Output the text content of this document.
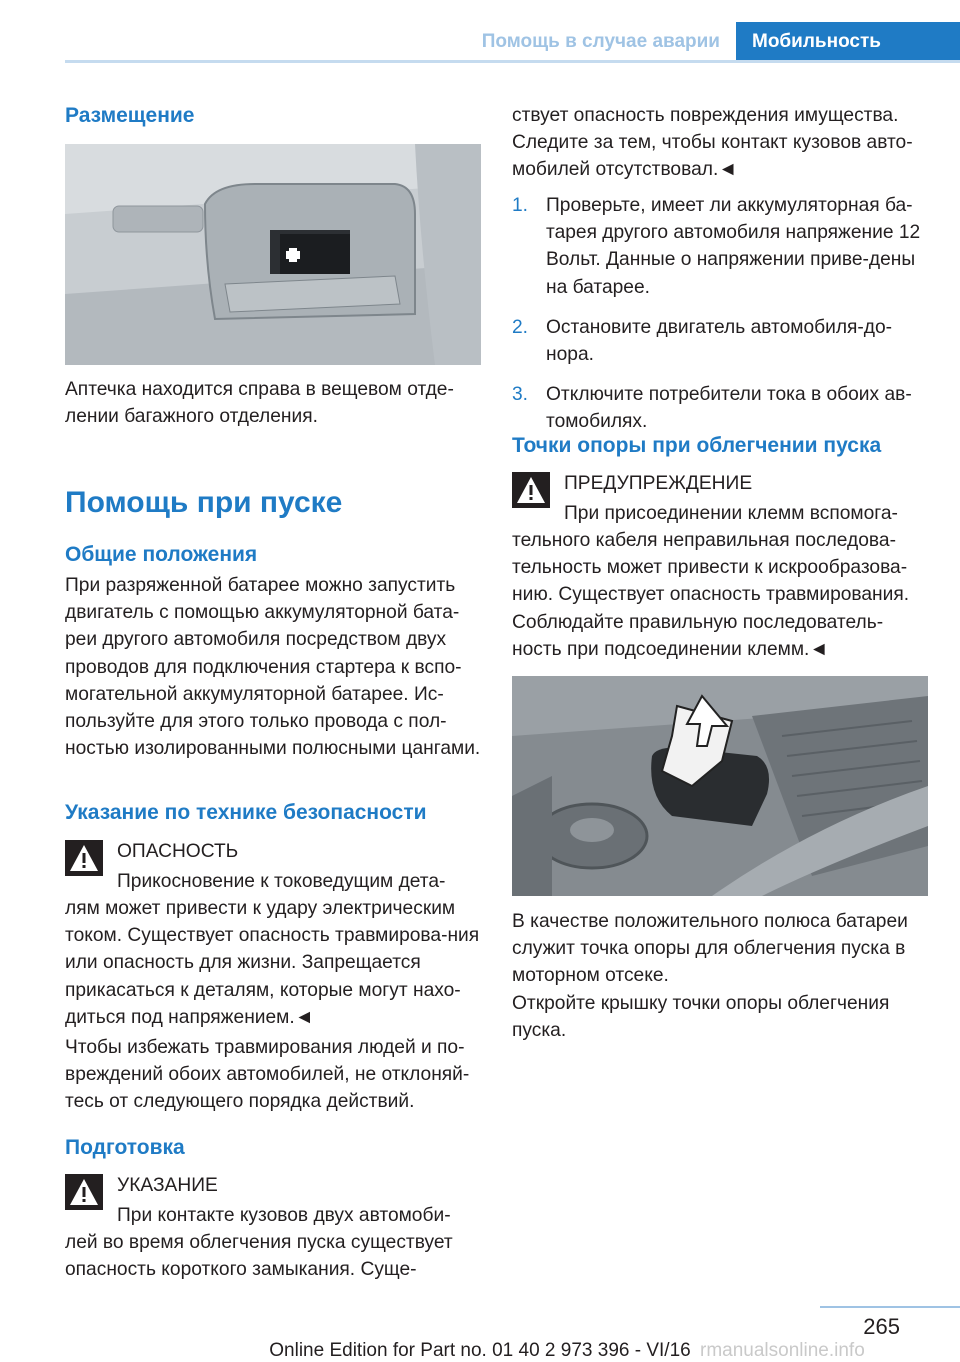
Помощь в случае аварии	Мобильность
Размещение

Аптечка находится справа в вещевом отде-лении багажного отделения.

Помощь при пуске
Общие положения

При разряженной батарее можно запустить двигатель с помощью аккумуляторной бата-реи другого автомобиля посредством двух проводов для подключения стартера к вспо-могательной аккумуляторной батарее. Ис-пользуйте для этого только провода с пол-ностью изолированными полюсными цангами.

Указание по технике безопасности
ОПАСНОСТЬ
Прикосновение к токоведущим дета-

лям может привести к удару электрическим током. Существует опасность травмирова-ния или опасность для жизни. Запрещается прикасаться к деталям, которые могут нахо-диться под напряжением.◄

Чтобы избежать травмирования людей и по-вреждений обоих автомобилей, не отклоняй-тесь от следующего порядка действий.

Подготовка
УКАЗАНИЕ
При контакте кузовов двух автомоби-

лей во время облегчения пуска существует опасность короткого замыкания. Суще-

ствует опасность повреждения имущества. Следите за тем, чтобы контакт кузовов авто-мобилей отсутствовал.◄

1. Проверьте, имеет ли аккумуляторная ба-тарея другого автомобиля напряжение 12 Вольт. Данные о напряжении приве-дены на батарее.
2. Остановите двигатель автомобиля-до-нора.
3. Отключите потребители тока в обоих ав-томобилях.
Точки опоры при облегчении пуска
ПРЕДУПРЕЖДЕНИЕ
При присоединении клемм вспомога-

тельного кабеля неправильная последова-тельность может привести к искрообразова-нию. Существует опасность травмирования. Соблюдайте правильную последователь-ность при подсоединении клемм.◄

В качестве положительного полюса батареи служит точка опоры для облегчения пуска в моторном отсеке.

Откройте крышку точки опоры облегчения пуска.

265
Online Edition for Part no. 01 40 2 973 396 - VI/16 rmanualsonline.info
